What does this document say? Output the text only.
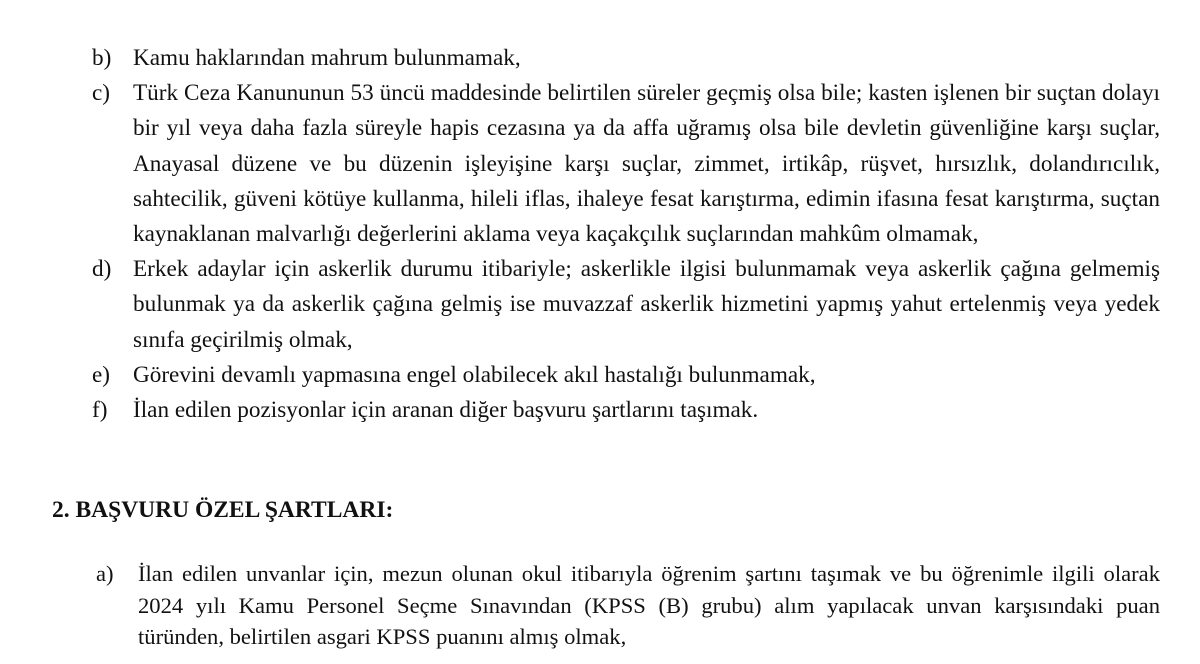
b) Kamu haklarından mahrum bulunmamak,
c) Türk Ceza Kanununun 53 üncü maddesinde belirtilen süreler geçmiş olsa bile; kasten işlenen bir suçtan dolayı bir yıl veya daha fazla süreyle hapis cezasına ya da affa uğramış olsa bile devletin güvenliğine karşı suçlar, Anayasal düzene ve bu düzenin işleyişine karşı suçlar, zimmet, irtikâp, rüşvet, hırsızlık, dolandırıcılık, sahtecilik, güveni kötüye kullanma, hileli iflas, ihaleye fesat karıştırma, edimin ifasına fesat karıştırma, suçtan kaynaklanan malvarlığı değerlerini aklama veya kaçakçılık suçlarından mahkûm olmamak,
d) Erkek adaylar için askerlik durumu itibariyle; askerlikle ilgisi bulunmamak veya askerlik çağına gelmemiş bulunmak ya da askerlik çağına gelmiş ise muvazzaf askerlik hizmetini yapmış yahut ertelenmiş veya yedek sınıfa geçirilmiş olmak,
e) Görevini devamlı yapmasına engel olabilecek akıl hastalığı bulunmamak,
f) İlan edilen pozisyonlar için aranan diğer başvuru şartlarını taşımak.
2. BAŞVURU ÖZEL ŞARTLARI:
a) İlan edilen unvanlar için, mezun olunan okul itibarıyla öğrenim şartını taşımak ve bu öğrenimle ilgili olarak 2024 yılı Kamu Personel Seçme Sınavından (KPSS (B) grubu) alım yapılacak unvan karşısındaki puan türünden, belirtilen asgari KPSS puanını almış olmak,
